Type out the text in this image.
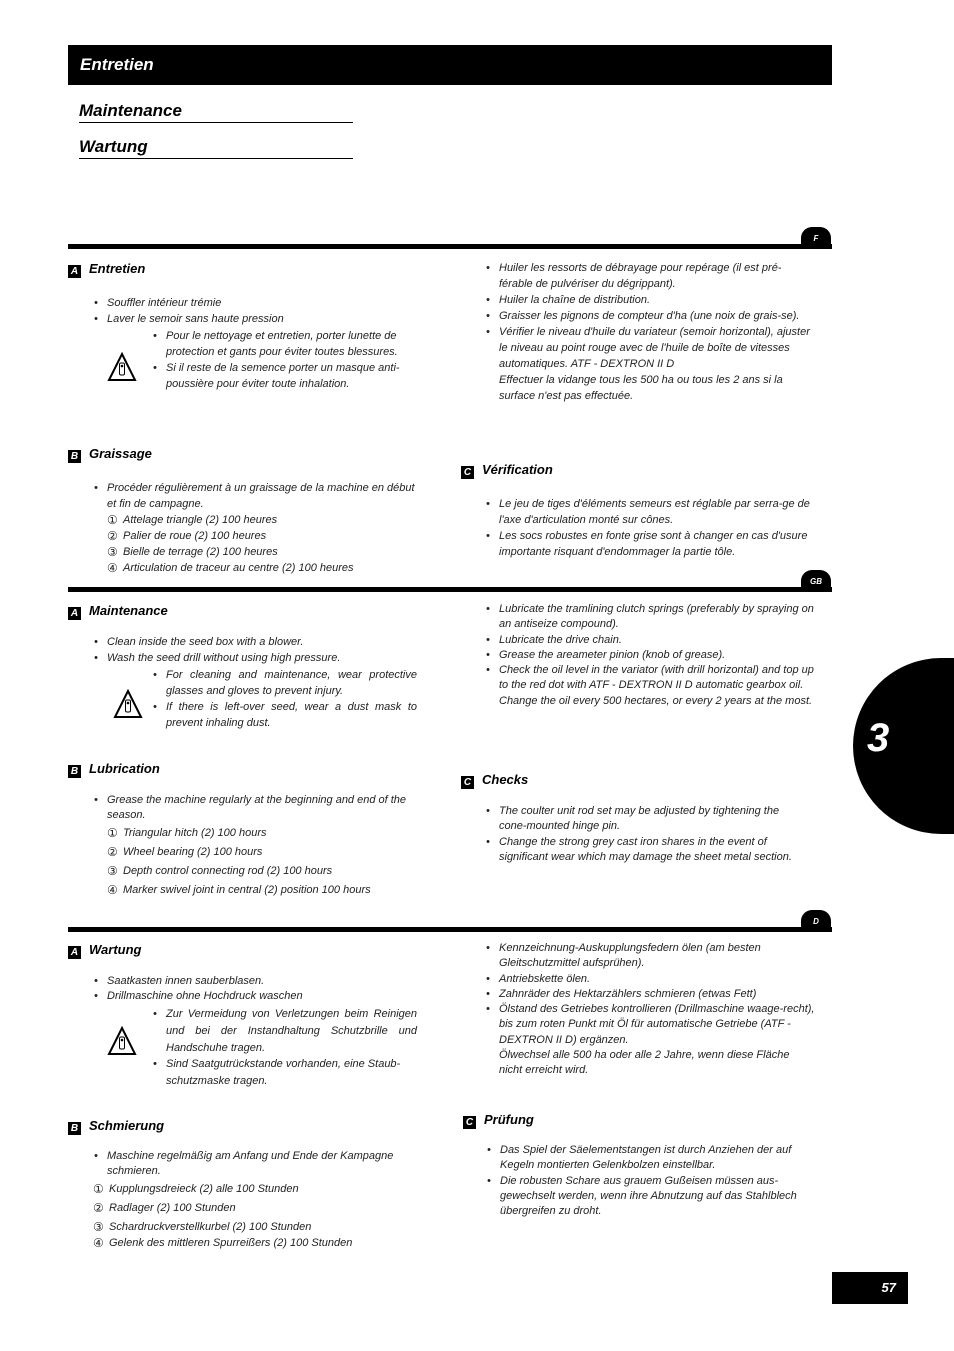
Entretien
Maintenance
Wartung
3
F
A Entretien
• Souffler intérieur trémie
• Laver le semoir sans haute pression
• Pour le nettoyage et entretien, porter lunette de protection et gants pour éviter toutes blessures.
• Si il reste de la semence porter un masque anti-poussière pour éviter toute inhalation.
B Graissage
• Procéder régulièrement à un graissage de la machine en début et fin de campagne.
① Attelage triangle (2) 100 heures
② Palier de roue (2) 100 heures
③ Bielle de terrage (2) 100 heures
④ Articulation de traceur au centre (2) 100 heures
• Huiler les ressorts de débrayage pour repérage (il est pré-férable de pulvériser du dégrippant).
• Huiler la chaîne de distribution.
• Graisser les pignons de compteur d'ha (une noix de grais-se).
• Vérifier le niveau d'huile du variateur (semoir horizontal), ajuster le niveau au point rouge avec de l'huile de boîte de vitesses automatiques. ATF - DEXTRON II D
Effectuer la vidange tous les 500 ha ou tous les 2 ans si la surface n'est pas effectuée.
C Vérification
• Le jeu de tiges d'éléments semeurs est réglable par serra-ge de l'axe d'articulation monté sur cônes.
• Les socs robustes en fonte grise sont à changer en cas d'usure importante risquant d'endommager la partie tôle.
GB
A Maintenance
• Clean inside the seed box with a blower.
• Wash the seed drill without using high pressure.
• For cleaning and maintenance, wear protective glasses and gloves to prevent injury.
• If there is left-over seed, wear a dust mask to prevent inhaling dust.
B Lubrication
• Grease the machine regularly at the beginning and end of the season.
① Triangular hitch (2) 100 hours
② Wheel bearing (2) 100 hours
③ Depth control connecting rod (2) 100 hours
④ Marker swivel joint in central (2) position 100 hours
• Lubricate the tramlining clutch springs (preferably by spraying on an antiseize compound).
• Lubricate the drive chain.
• Grease the areameter pinion (knob of grease).
• Check the oil level in the variator (with drill horizontal) and top up to the red dot with ATF - DEXTRON II D automatic gearbox oil.
Change the oil every 500 hectares, or every 2 years at the most.
C Checks
• The coulter unit rod set may be adjusted by tightening the cone-mounted hinge pin.
• Change the strong grey cast iron shares in the event of significant wear which may damage the sheet metal section.
D
A Wartung
• Saatkasten innen sauberblasen.
• Drillmaschine ohne Hochdruck waschen
• Zur Vermeidung von Verletzungen beim Reinigen und bei der Instandhaltung Schutzbrille und Handschuhe tragen.
• Sind Saatgutrückstande vorhanden, eine Staub-schutzmaske tragen.
B Schmierung
• Maschine regelmäßig am Anfang und Ende der Kampagne schmieren.
① Kupplungsdreieck (2) alle 100 Stunden
② Radlager (2) 100 Stunden
③ Schardruckverstellkurbel (2) 100 Stunden
④ Gelenk des mittleren Spurreißers (2) 100 Stunden
• Kennzeichnung-Auskupplungsfedern ölen (am besten Gleitschutzmittel aufsprühen).
• Antriebskette ölen.
• Zahnräder des Hektarzählers schmieren (etwas Fett)
• Ölstand des Getriebes kontrollieren (Drillmaschine waage-recht), bis zum roten Punkt mit Öl für automatische Getriebe (ATF -DEXTRON II D) ergänzen.
Ölwechsel alle 500 ha oder alle 2 Jahre, wenn diese Fläche nicht erreicht wird.
C Prüfung
• Das Spiel der Säelementstangen ist durch Anziehen der auf Kegeln montierten Gelenkbolzen einstellbar.
• Die robusten Schare aus grauem Gußeisen müssen aus-gewechselt werden, wenn ihre Abnutzung auf das Stahlblech übergreifen zu droht.
57
